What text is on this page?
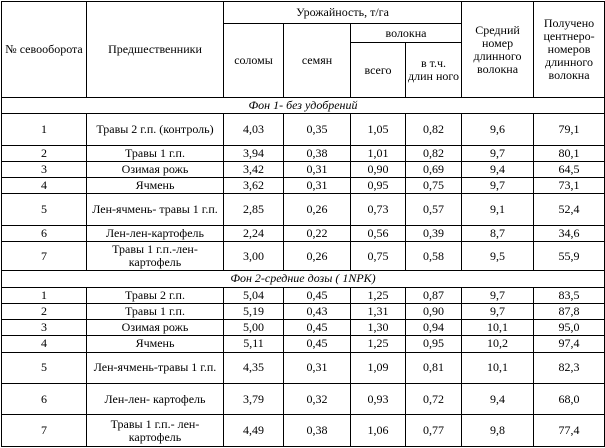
№ севооборота	Предшественники	Урожайность, т/га				Средний номер длинного волокна	Получено центнеро-номеров длинного волокна
		соломы	семян	волокна			
				всего	в т.ч. длин ного		
Фон 1- без удобрений							
1	Травы 2 г.п. (контроль)	4,03	0,35	1,05	0,82	9,6	79,1
2	Травы 1 г.п.	3,94	0,38	1,01	0,82	9,7	80,1
3	Озимая рожь	3,42	0,31	0,90	0,69	9,4	64,5
4	Ячмень	3,62	0,31	0,95	0,75	9,7	73,1
5	Лен-ячмень- травы 1 г.п.	2,85	0,26	0,73	0,57	9,1	52,4
6	Лен-лен-картофель	2,24	0,22	0,56	0,39	8,7	34,6
7	Травы 1 г.п.-лен- картофель	3,00	0,26	0,75	0,58	9,5	55,9
Фон 2-средние дозы ( 1NPK)							
1	Травы 2 г.п.	5,04	0,45	1,25	0,87	9,7	83,5
2	Травы 1 г.п.	5,19	0,43	1,31	0,90	9,7	87,8
3	Озимая рожь	5,00	0,45	1,30	0,94	10,1	95,0
4	Ячмень	5,11	0,45	1,25	0,95	10,2	97,4
5	Лен-ячмень-травы 1 г.п.	4,35	0,31	1,09	0,81	10,1	82,3
6	Лен-лен- картофель	3,79	0,32	0,93	0,72	9,4	68,0
7	Травы 1 г.п.- лен-картофель	4,49	0,38	1,06	0,77	9,8	77,4
